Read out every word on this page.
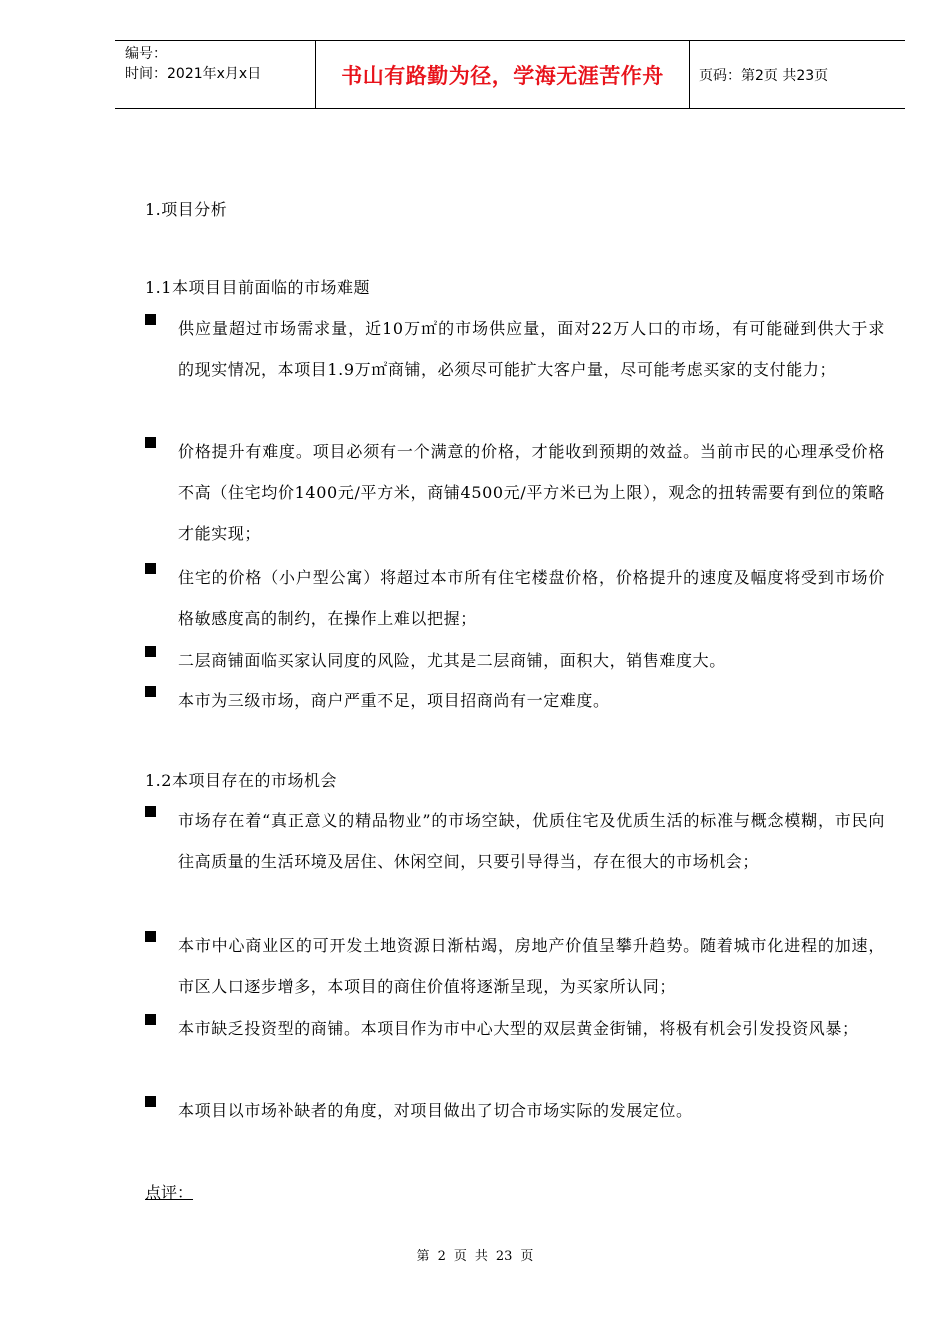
编号：
时间：2021年x月x日	书山有路勤为径，学海无涯苦作舟	页码：第2页 共23页
1.项目分析
1.1本项目目前面临的市场难题
供应量超过市场需求量，近10万㎡的市场供应量，面对22万人口的市场，有可能碰到供大于求的现实情况，本项目1.9万㎡商铺，必须尽可能扩大客户量，尽可能考虑买家的支付能力；
价格提升有难度。项目必须有一个满意的价格，才能收到预期的效益。当前市民的心理承受价格不高（住宅均价1400元/平方米，商铺4500元/平方米已为上限），观念的扭转需要有到位的策略才能实现；
住宅的价格（小户型公寓）将超过本市所有住宅楼盘价格，价格提升的速度及幅度将受到市场价格敏感度高的制约，在操作上难以把握；
二层商铺面临买家认同度的风险，尤其是二层商铺，面积大，销售难度大。
本市为三级市场，商户严重不足，项目招商尚有一定难度。
1.2本项目存在的市场机会
市场存在着“真正意义的精品物业”的市场空缺，优质住宅及优质生活的标准与概念模糊，市民向往高质量的生活环境及居住、休闲空间，只要引导得当，存在很大的市场机会；
本市中心商业区的可开发土地资源日渐枯竭，房地产价值呈攀升趋势。随着城市化进程的加速，市区人口逐步增多，本项目的商住价值将逐渐呈现，为买家所认同；
本市缺乏投资型的商铺。本项目作为市中心大型的双层黄金街铺，将极有机会引发投资风暴；
本项目以市场补缺者的角度，对项目做出了切合市场实际的发展定位。
点评：
第 2 页 共 23 页
